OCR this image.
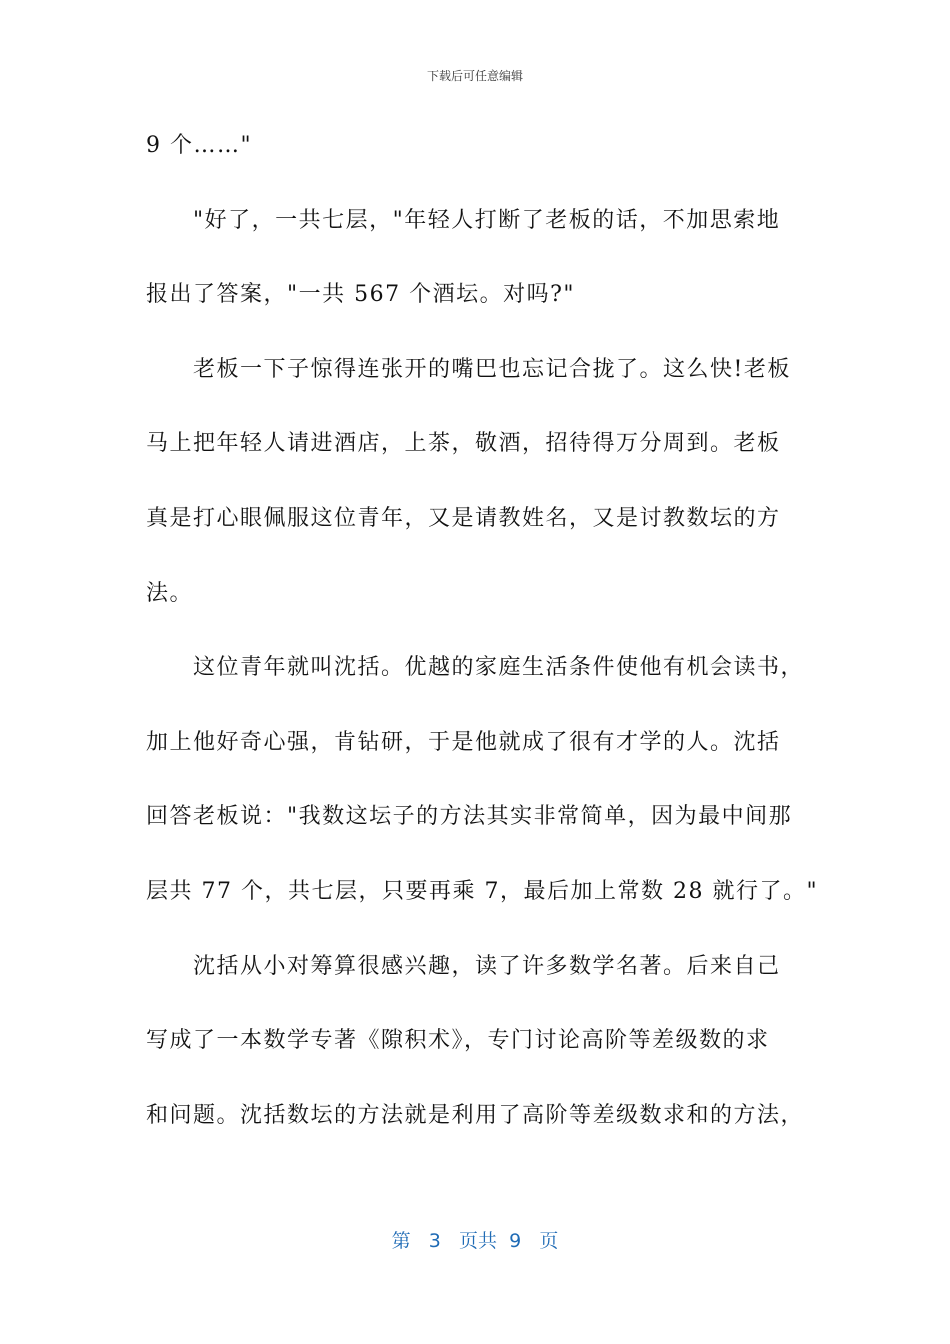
下载后可任意编辑
9 个……"
"好了，一共七层，"年轻人打断了老板的话，不加思索地
报出了答案，"一共 567 个酒坛。对吗?"
老板一下子惊得连张开的嘴巴也忘记合拢了。这么快!老板
马上把年轻人请进酒店，上茶，敬酒，招待得万分周到。老板
真是打心眼佩服这位青年，又是请教姓名，又是讨教数坛的方
法。
这位青年就叫沈括。优越的家庭生活条件使他有机会读书，
加上他好奇心强，肯钻研，于是他就成了很有才学的人。沈括
回答老板说："我数这坛子的方法其实非常简单，因为最中间那
层共 77 个，共七层，只要再乘 7，最后加上常数 28 就行了。"
沈括从小对筹算很感兴趣，读了许多数学名著。后来自己
写成了一本数学专著《隙积术》，专门讨论高阶等差级数的求
和问题。沈括数坛的方法就是利用了高阶等差级数求和的方法，
第 3 页共 9 页
